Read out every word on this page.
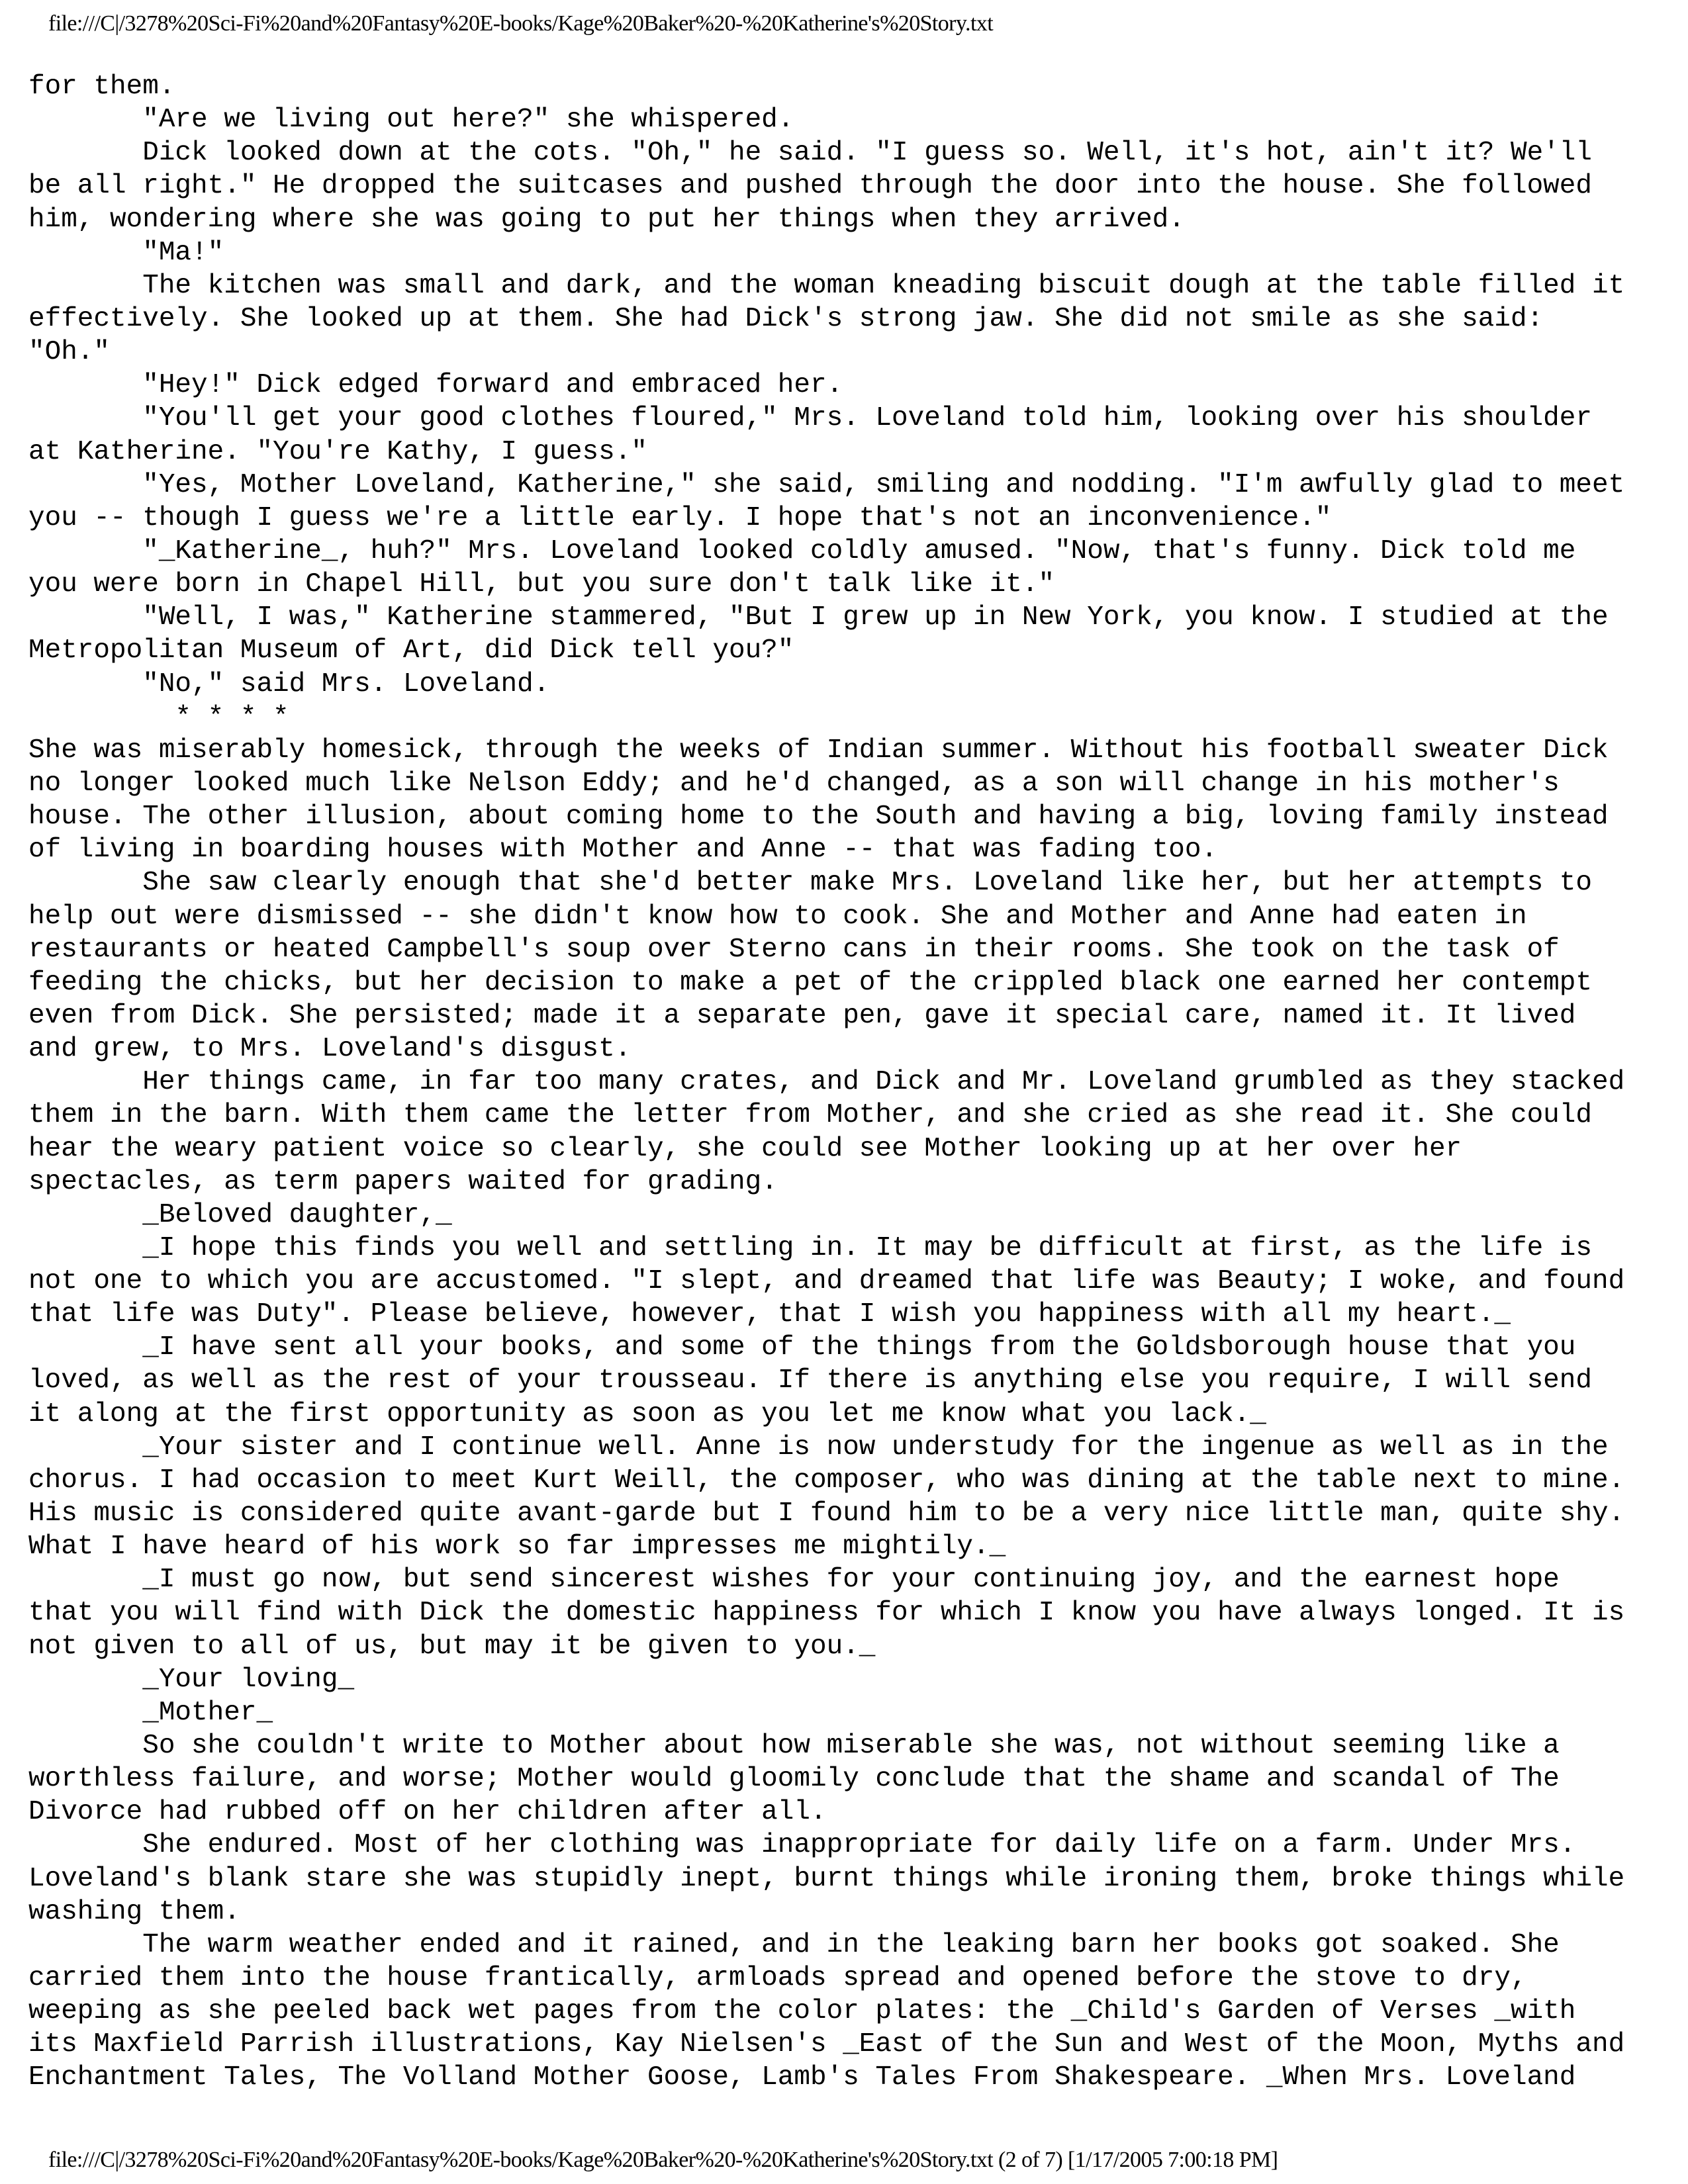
file:///C|/3278%20Sci-Fi%20and%20Fantasy%20E-books/Kage%20Baker%20-%20Katherine's%20Story.txt
for them.
"Are we living out here?" she whispered.
Dick looked down at the cots. "Oh," he said. "I guess so. Well, it's hot, ain't it? We'll
be all right." He dropped the suitcases and pushed through the door into the house. She followed
him, wondering where she was going to put her things when they arrived.
"Ma!"
The kitchen was small and dark, and the woman kneading biscuit dough at the table filled it
effectively. She looked up at them. She had Dick's strong jaw. She did not smile as she said:
"Oh."
"Hey!" Dick edged forward and embraced her.
"You'll get your good clothes floured," Mrs. Loveland told him, looking over his shoulder
at Katherine. "You're Kathy, I guess."
"Yes, Mother Loveland, Katherine," she said, smiling and nodding. "I'm awfully glad to meet
you -- though I guess we're a little early. I hope that's not an inconvenience."
"_Katherine_, huh?" Mrs. Loveland looked coldly amused. "Now, that's funny. Dick told me
you were born in Chapel Hill, but you sure don't talk like it."
"Well, I was," Katherine stammered, "But I grew up in New York, you know. I studied at the
Metropolitan Museum of Art, did Dick tell you?"
"No," said Mrs. Loveland.
* * * *
She was miserably homesick, through the weeks of Indian summer. Without his football sweater Dick
no longer looked much like Nelson Eddy; and he'd changed, as a son will change in his mother's
house. The other illusion, about coming home to the South and having a big, loving family instead
of living in boarding houses with Mother and Anne -- that was fading too.
She saw clearly enough that she'd better make Mrs. Loveland like her, but her attempts to
help out were dismissed -- she didn't know how to cook. She and Mother and Anne had eaten in
restaurants or heated Campbell's soup over Sterno cans in their rooms. She took on the task of
feeding the chicks, but her decision to make a pet of the crippled black one earned her contempt
even from Dick. She persisted; made it a separate pen, gave it special care, named it. It lived
and grew, to Mrs. Loveland's disgust.
Her things came, in far too many crates, and Dick and Mr. Loveland grumbled as they stacked
them in the barn. With them came the letter from Mother, and she cried as she read it. She could
hear the weary patient voice so clearly, she could see Mother looking up at her over her
spectacles, as term papers waited for grading.
_Beloved daughter,_
_I hope this finds you well and settling in. It may be difficult at first, as the life is
not one to which you are accustomed. "I slept, and dreamed that life was Beauty; I woke, and found
that life was Duty". Please believe, however, that I wish you happiness with all my heart._
_I have sent all your books, and some of the things from the Goldsborough house that you
loved, as well as the rest of your trousseau. If there is anything else you require, I will send
it along at the first opportunity as soon as you let me know what you lack._
_Your sister and I continue well. Anne is now understudy for the ingenue as well as in the
chorus. I had occasion to meet Kurt Weill, the composer, who was dining at the table next to mine.
His music is considered quite avant-garde but I found him to be a very nice little man, quite shy.
What I have heard of his work so far impresses me mightily._
_I must go now, but send sincerest wishes for your continuing joy, and the earnest hope
that you will find with Dick the domestic happiness for which I know you have always longed. It is
not given to all of us, but may it be given to you._
_Your loving_
_Mother_
So she couldn't write to Mother about how miserable she was, not without seeming like a
worthless failure, and worse; Mother would gloomily conclude that the shame and scandal of The
Divorce had rubbed off on her children after all.
She endured. Most of her clothing was inappropriate for daily life on a farm. Under Mrs.
Loveland's blank stare she was stupidly inept, burnt things while ironing them, broke things while
washing them.
The warm weather ended and it rained, and in the leaking barn her books got soaked. She
carried them into the house frantically, armloads spread and opened before the stove to dry,
weeping as she peeled back wet pages from the color plates: the _Child's Garden of Verses _with
its Maxfield Parrish illustrations, Kay Nielsen's _East of the Sun and West of the Moon, Myths and
Enchantment Tales, The Volland Mother Goose, Lamb's Tales From Shakespeare. _When Mrs. Loveland
file:///C|/3278%20Sci-Fi%20and%20Fantasy%20E-books/Kage%20Baker%20-%20Katherine's%20Story.txt (2 of 7) [1/17/2005 7:00:18 PM]
